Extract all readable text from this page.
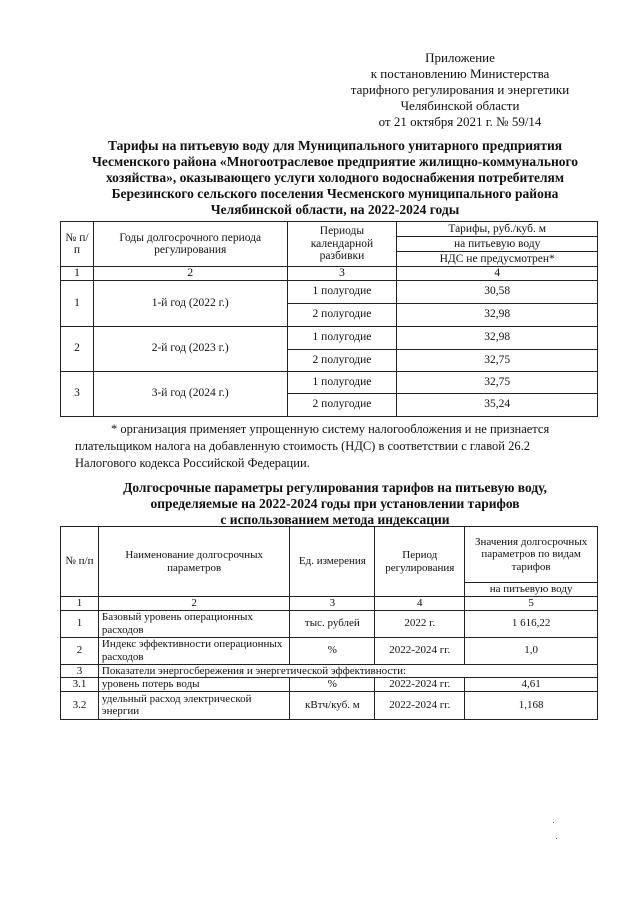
Приложение
к постановлению Министерства
тарифного регулирования и энергетики
Челябинской области
от 21 октября 2021 г. № 59/14
Тарифы на питьевую воду для Муниципального унитарного предприятия
Чесменского района «Многоотраслевое предприятие жилищно-коммунального
хозяйства», оказывающего услуги холодного водоснабжения потребителям
Березинского сельского поселения Чесменского муниципального района
Челябинской области, на 2022-2024 годы
№ п/п	Годы долгосрочного периода регулирования	Периоды календарной разбивки	Тарифы, руб./куб. м
			на питьевую воду
			НДС не предусмотрен*
1	2	3	4
1	1-й год (2022 г.)	1 полугодие	30,58
		2 полугодие	32,98
2	2-й год (2023 г.)	1 полугодие	32,98
		2 полугодие	32,75
3	3-й год (2024 г.)	1 полугодие	32,75
		2 полугодие	35,24

* организация применяет упрощенную систему налогообложения и не признается

плательщиком налога на добавленную стоимость (НДС) в соответствии с главой 26.2

Налогового кодекса Российской Федерации.

Долгосрочные параметры регулирования тарифов на питьевую воду,
определяемые на 2022-2024 годы при установлении тарифов
с использованием метода индексации
№ п/п	Наименование долгосрочных параметров	Ед. измерения	Период регулирования	Значения долгосрочных параметров по видам тарифов
				на питьевую воду
1	2	3	4	5
1	Базовый уровень операционных расходов	тыс. рублей	2022 г.	1 616,22
2	Индекс эффективности операционных расходов	%	2022-2024 гг.	1,0
3	Показатели энергосбережения и энергетической эффективности:			
3.1	уровень потерь воды	%	2022-2024 гг.	4,61
3.2	удельный расход электрической энергии	кВтч/куб. м	2022-2024 гг.	1,168
